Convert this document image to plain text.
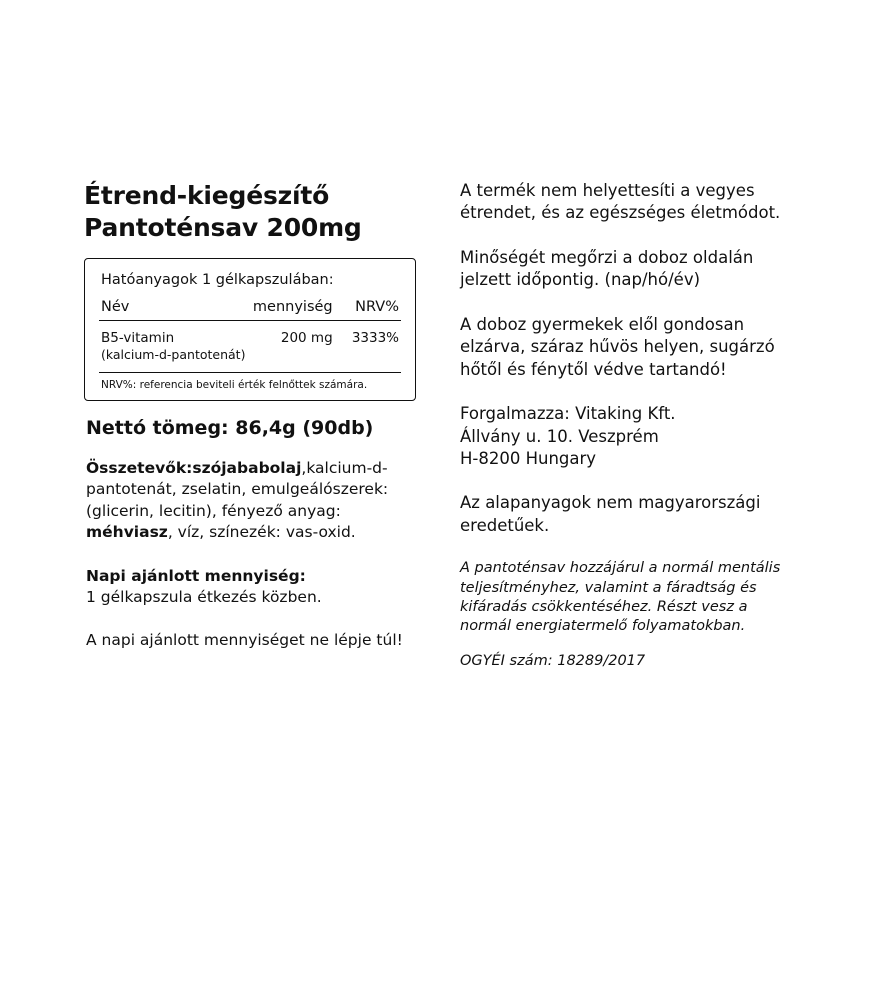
Étrend-kiegészítő
Pantoténsav 200mg

Hatóanyagok 1 gélkapszulában:

Név	mennyiség	NRV%
B5-vitamin
(kalcium-d-pantotenát)	200 mg	3333%

NRV%: referencia beviteli érték felnőttek számára.

Nettó tömeg: 86,4g (90db)

Összetevők:szójababolaj,kalcium-d-pantotenát, zselatin, emulgeálószerek: (glicerin, lecitin), fényező anyag: méhviasz, víz, színezék: vas-oxid.

Napi ajánlott mennyiség:
1 gélkapszula étkezés közben.

A napi ajánlott mennyiséget ne lépje túl!

A termék nem helyettesíti a vegyes étrendet, és az egészséges életmódot.

Minőségét megőrzi a doboz oldalán jelzett időpontig. (nap/hó/év)

A doboz gyermekek elől gondosan elzárva, száraz hűvös helyen, sugárzó hőtől és fénytől védve tartandó!

Forgalmazza: Vitaking Kft.
Állvány u. 10. Veszprém
H-8200 Hungary

Az alapanyagok nem magyarországi eredetűek.

A pantoténsav hozzájárul a normál mentális teljesítményhez, valamint a fáradtság és kifáradás csökkentéséhez. Részt vesz a normál energiatermelő folyamatokban.

OGYÉI szám: 18289/2017
